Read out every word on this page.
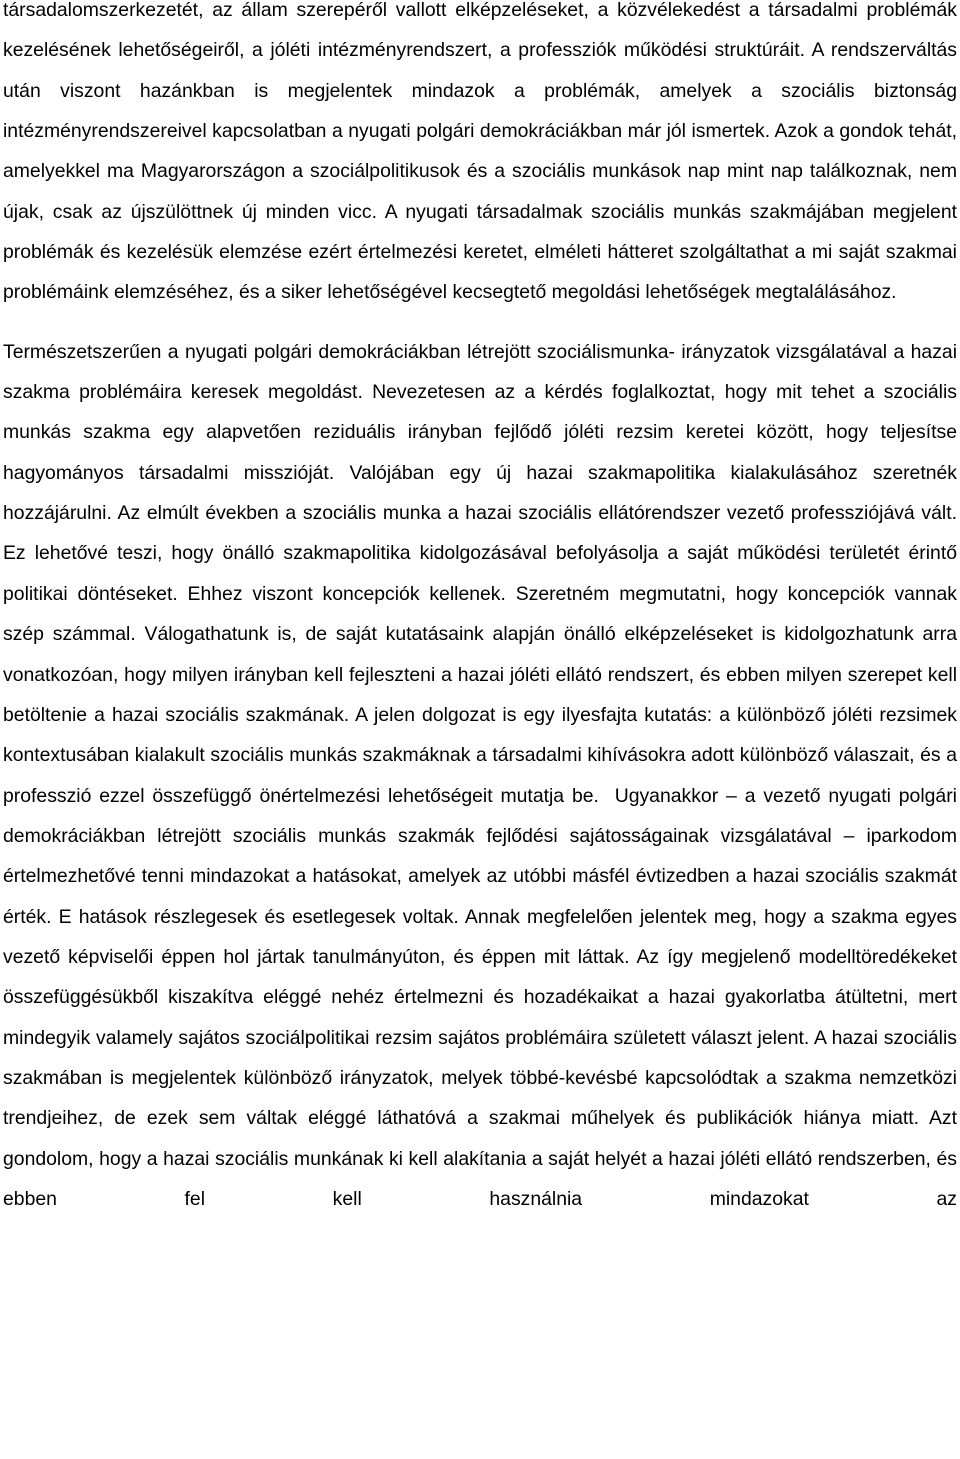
társadalomszerkezetét, az állam szerepéről vallott elképzeléseket, a közvélekedést a társadalmi problémák kezelésének lehetőségeiről, a jóléti intézményrendszert, a professziók működési struktúráit. A rendszerváltás után viszont hazánkban is megjelentek mindazok a problémák, amelyek a szociális biztonság intézményrendszereivel kapcsolatban a nyugati polgári demokráciákban már jól ismertek. Azok a gondok tehát, amelyekkel ma Magyarországon a szociálpolitikusok és a szociális munkások nap mint nap találkoznak, nem újak, csak az újszülöttnek új minden vicc. A nyugati társadalmak szociális munkás szakmájában megjelent problémák és kezelésük elemzése ezért értelmezési keretet, elméleti hátteret szolgáltathat a mi saját szakmai problémáink elemzéséhez, és a siker lehetőségével kecsegtető megoldási lehetőségek megtalálásához.

Természetszerűen a nyugati polgári demokráciákban létrejött szociálismunka- irányzatok vizsgálatával a hazai szakma problémáira keresek megoldást. Nevezetesen az a kérdés foglalkoztat, hogy mit tehet a szociális munkás szakma egy alapvetően reziduális irányban fejlődő jóléti rezsim keretei között, hogy teljesítse hagyományos társadalmi misszióját. Valójában egy új hazai szakmapolitika kialakulásához szeretnék hozzájárulni. Az elmúlt években a szociális munka a hazai szociális ellátórendszer vezető professziójává vált. Ez lehetővé teszi, hogy önálló szakmapolitika kidolgozásával befolyásolja a saját működési területét érintő politikai döntéseket. Ehhez viszont koncepciók kellenek. Szeretném megmutatni, hogy koncepciók vannak szép számmal. Válogathatunk is, de saját kutatásaink alapján önálló elképzeléseket is kidolgozhatunk arra vonatkozóan, hogy milyen irányban kell fejleszteni a hazai jóléti ellátó rendszert, és ebben milyen szerepet kell betöltenie a hazai szociális szakmának. A jelen dolgozat is egy ilyesfajta kutatás: a különböző jóléti rezsimek kontextusában kialakult szociális munkás szakmáknak a társadalmi kihívásokra adott különböző válaszait, és a professzió ezzel összefüggő önértelmezési lehetőségeit mutatja be. Ugyanakkor – a vezető nyugati polgári demokráciákban létrejött szociális munkás szakmák fejlődési sajátosságainak vizsgálatával – iparkodom értelmezhetővé tenni mindazokat a hatásokat, amelyek az utóbbi másfél évtizedben a hazai szociális szakmát érték. E hatások részlegesek és esetlegesek voltak. Annak megfelelően jelentek meg, hogy a szakma egyes vezető képviselői éppen hol jártak tanulmányúton, és éppen mit láttak. Az így megjelenő modelltöredékeket összefüggésükből kiszakítva eléggé nehéz értelmezni és hozadékaikat a hazai gyakorlatba átültetni, mert mindegyik valamely sajátos szociálpolitikai rezsim sajátos problémáira született választ jelent. A hazai szociális szakmában is megjelentek különböző irányzatok, melyek többé-kevésbé kapcsolódtak a szakma nemzetközi trendjeihez, de ezek sem váltak eléggé láthatóvá a szakmai műhelyek és publikációk hiánya miatt. Azt gondolom, hogy a hazai szociális munkának ki kell alakítania a saját helyét a hazai jóléti ellátó rendszerben, és ebben fel kell használnia mindazokat az
